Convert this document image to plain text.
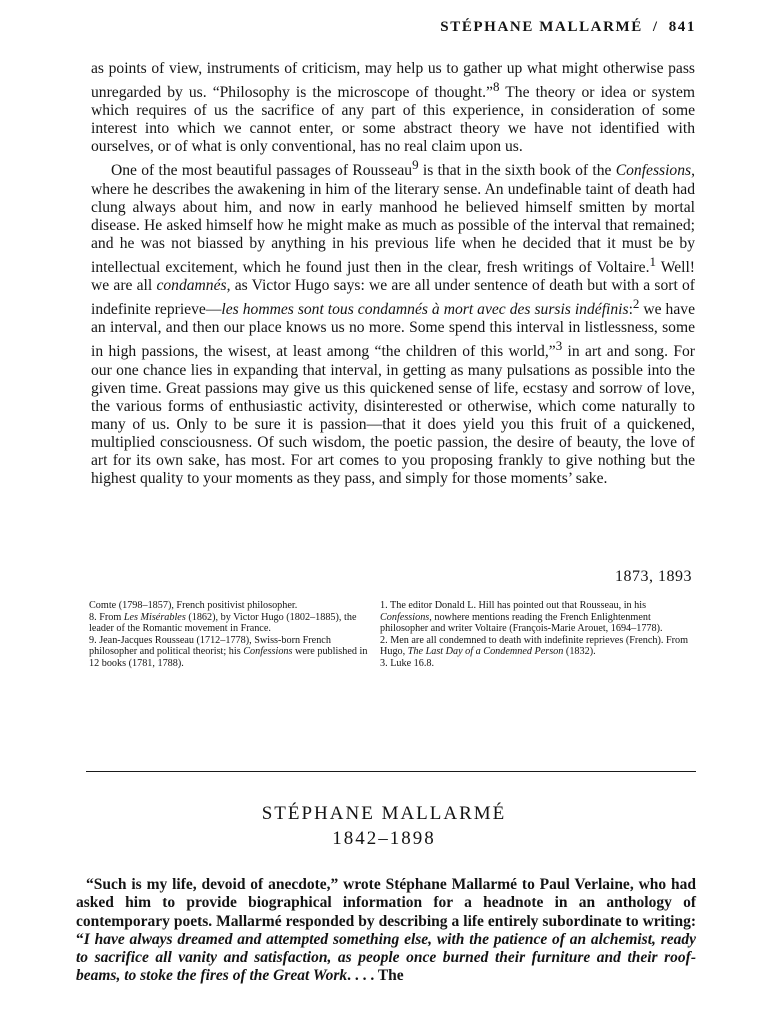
STÉPHANE MALLARMÉ / 841

as points of view, instruments of criticism, may help us to gather up what might otherwise pass unregarded by us. “Philosophy is the microscope of thought.”$^8$ The theory or idea or system which requires of us the sacrifice of any part of this experience, in consideration of some interest into which we cannot enter, or some abstract theory we have not identified with ourselves, or of what is only conventional, has no real claim upon us.

One of the most beautiful passages of Rousseau$^9$ is that in the sixth book of the Confessions, where he describes the awakening in him of the literary sense. An undefinable taint of death had clung always about him, and now in early manhood he believed himself smitten by mortal disease. He asked himself how he might make as much as possible of the interval that remained; and he was not biassed by anything in his previous life when he decided that it must be by intellectual excitement, which he found just then in the clear, fresh writings of Voltaire.$^1$ Well! we are all condamnés, as Victor Hugo says: we are all under sentence of death but with a sort of indefinite reprieve—les hommes sont tous condamnés à mort avec des sursis indéfinis:$^2$ we have an interval, and then our place knows us no more. Some spend this interval in listlessness, some in high passions, the wisest, at least among “the children of this world,”$^3$ in art and song. For our one chance lies in expanding that interval, in getting as many pulsations as possible into the given time. Great passions may give us this quickened sense of life, ecstasy and sorrow of love, the various forms of enthusiastic activity, disinterested or otherwise, which come naturally to many of us. Only to be sure it is passion—that it does yield you this fruit of a quickened, multiplied consciousness. Of such wisdom, the poetic passion, the desire of beauty, the love of art for its own sake, has most. For art comes to you proposing frankly to give nothing but the highest quality to your moments as they pass, and simply for those moments’ sake.

1873, 1893

Comte (1798–1857), French positivist philosopher.

8. From Les Misérables (1862), by Victor Hugo (1802–1885), the leader of the Romantic movement in France.

9. Jean-Jacques Rousseau (1712–1778), Swiss-born French philosopher and political theorist; his Confessions were published in 12 books (1781, 1788).

1. The editor Donald L. Hill has pointed out that Rousseau, in his Confessions, nowhere mentions reading the French Enlightenment philosopher and writer Voltaire (François-Marie Arouet, 1694–1778).

2. Men are all condemned to death with indefinite reprieves (French). From Hugo, The Last Day of a Condemned Person (1832).

3. Luke 16.8.

STÉPHANE MALLARMÉ
1842–1898

“Such is my life, devoid of anecdote,” wrote Stéphane Mallarmé to Paul Verlaine, who had asked him to provide biographical information for a headnote in an anthology of contemporary poets. Mallarmé responded by describing a life entirely subordinate to writing: “I have always dreamed and attempted something else, with the patience of an alchemist, ready to sacrifice all vanity and satisfaction, as people once burned their furniture and their roof-beams, to stoke the fires of the Great Work. . . . The
